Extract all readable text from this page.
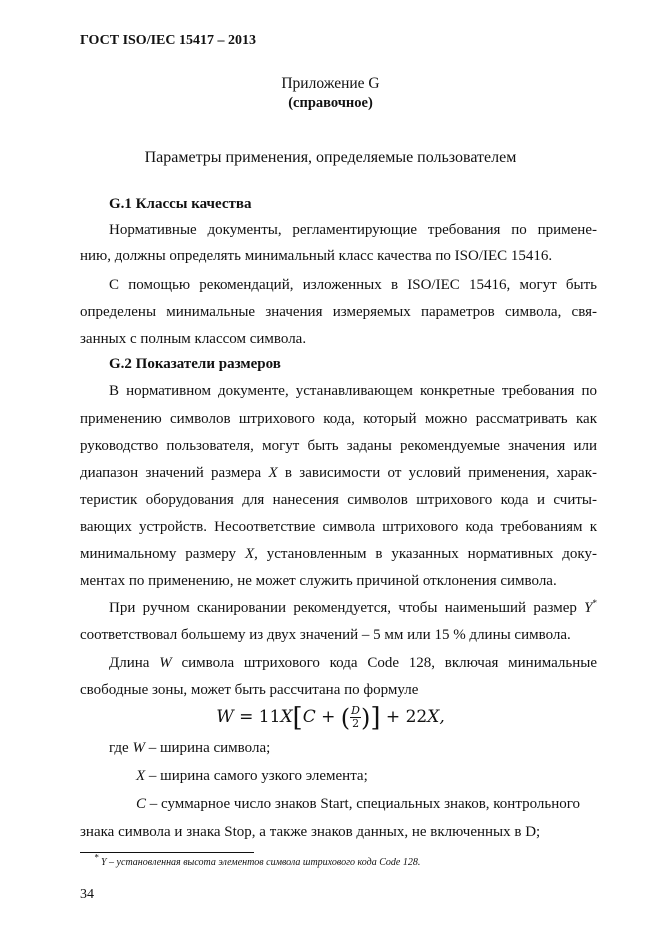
ГОСТ ISO/IEC 15417 – 2013
Приложение G
(справочное)
Параметры применения, определяемые пользователем
G.1 Классы качества
Нормативные документы, регламентирующие требования по примене-
нию, должны определять минимальный класс качества по ISO/IEC 15416.
С помощью рекомендаций, изложенных в ISO/IEC 15416, могут быть
определены минимальные значения измеряемых параметров символа, свя-
занных с полным классом символа.
G.2 Показатели размеров
В нормативном документе, устанавливающем конкретные требования по
применению символов штрихового кода, который можно рассматривать как
руководство пользователя, могут быть заданы рекомендуемые значения или
диапазон значений размера X в зависимости от условий применения, харак-
теристик оборудования для нанесения символов штрихового кода и считы-
вающих устройств. Несоответствие символа штрихового кода требованиям к
минимальному размеру X, установленным в указанных нормативных доку-
ментах по применению, не может служить причиной отклонения символа.
При ручном сканировании рекомендуется, чтобы наименьший размер Y*
соответствовал большему из двух значений – 5 мм или 15 % длины символа.
Длина W символа штрихового кода Code 128, включая минимальные
свободные зоны, может быть рассчитана по формуле
W = 11X[C + ( $\frac{D}{2}$ )] + 22X,
где W – ширина символа;
X – ширина самого узкого элемента;
C – суммарное число знаков Start, специальных знаков, контрольного
знака символа и знака Stop, а также знаков данных, не включенных в D;
* Y – установленная высота элементов символа штрихового кода Code 128.
34
